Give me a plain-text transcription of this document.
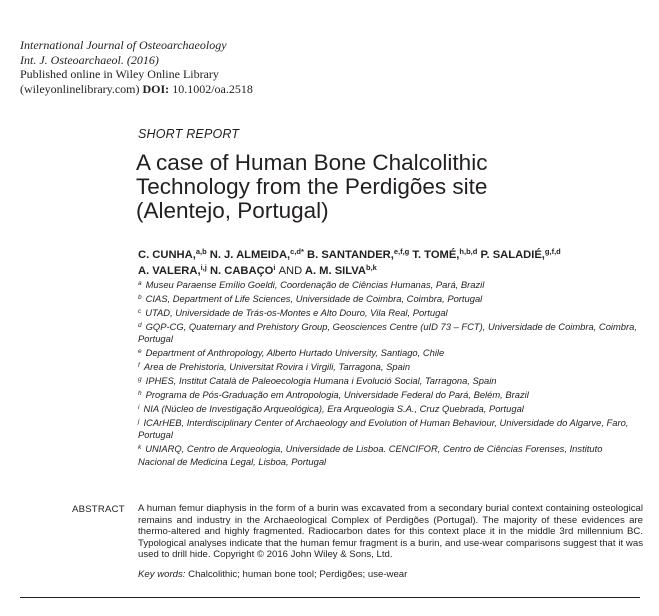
International Journal of Osteoarchaeology
Int. J. Osteoarchaeol. (2016)
Published online in Wiley Online Library
(wileyonlinelibrary.com) DOI: 10.1002/oa.2518
SHORT REPORT
A case of Human Bone Chalcolithic
Technology from the Perdigões site
(Alentejo, Portugal)
C. CUNHA,$^{a,b}$ N. J. ALMEIDA,$^{c,d*}$ B. SANTANDER,$^{e,f,g}$ T. TOMÉ,$^{h,b,d}$ P. SALADIÉ,$^{g,f,d}$
A. VALERA,$^{i,j}$ N. CABAÇO$^i$ AND A. M. SILVA$^{b,k}$
$^a$ Museu Paraense Emílio Goeldi, Coordenação de Ciências Humanas, Pará, Brazil
$^b$ CIAS, Department of Life Sciences, Universidade de Coimbra, Coimbra, Portugal
$^c$ UTAD, Universidade de Trás-os-Montes e Alto Douro, Vila Real, Portugal
$^d$ GQP-CG, Quaternary and Prehistory Group, Geosciences Centre (uID 73 – FCT), Universidade de Coimbra, Coimbra, Portugal
$^e$ Department of Anthropology, Alberto Hurtado University, Santiago, Chile
$^f$ Area de Prehistoria, Universitat Rovira i Virgili, Tarragona, Spain
$^g$ IPHES, Institut Català de Paleoecologia Humana i Evolució Social, Tarragona, Spain
$^h$ Programa de Pós-Graduação em Antropologia, Universidade Federal do Pará, Belém, Brazil
$^i$ NIA (Núcleo de Investigação Arqueológica), Era Arqueologia S.A., Cruz Quebrada, Portugal
$^j$ ICArHEB, Interdisciplinary Center of Archaeology and Evolution of Human Behaviour, Universidade do Algarve, Faro, Portugal
$^k$ UNIARQ, Centro de Arqueologia, Universidade de Lisboa. CENCIFOR, Centro de Ciências Forenses, Instituto Nacional de Medicina Legal, Lisboa, Portugal
ABSTRACT A human femur diaphysis in the form of a burin was excavated from a secondary burial context containing osteological remains and industry in the Archaeological Complex of Perdigões (Portugal). The majority of these evidences are thermo-altered and highly fragmented. Radiocarbon dates for this context place it in the middle 3rd millennium BC. Typological analyses indicate that the human femur fragment is a burin, and use-wear comparisons suggest that it was used to drill hide. Copyright © 2016 John Wiley & Sons, Ltd.
Key words: Chalcolithic; human bone tool; Perdigões; use-wear
